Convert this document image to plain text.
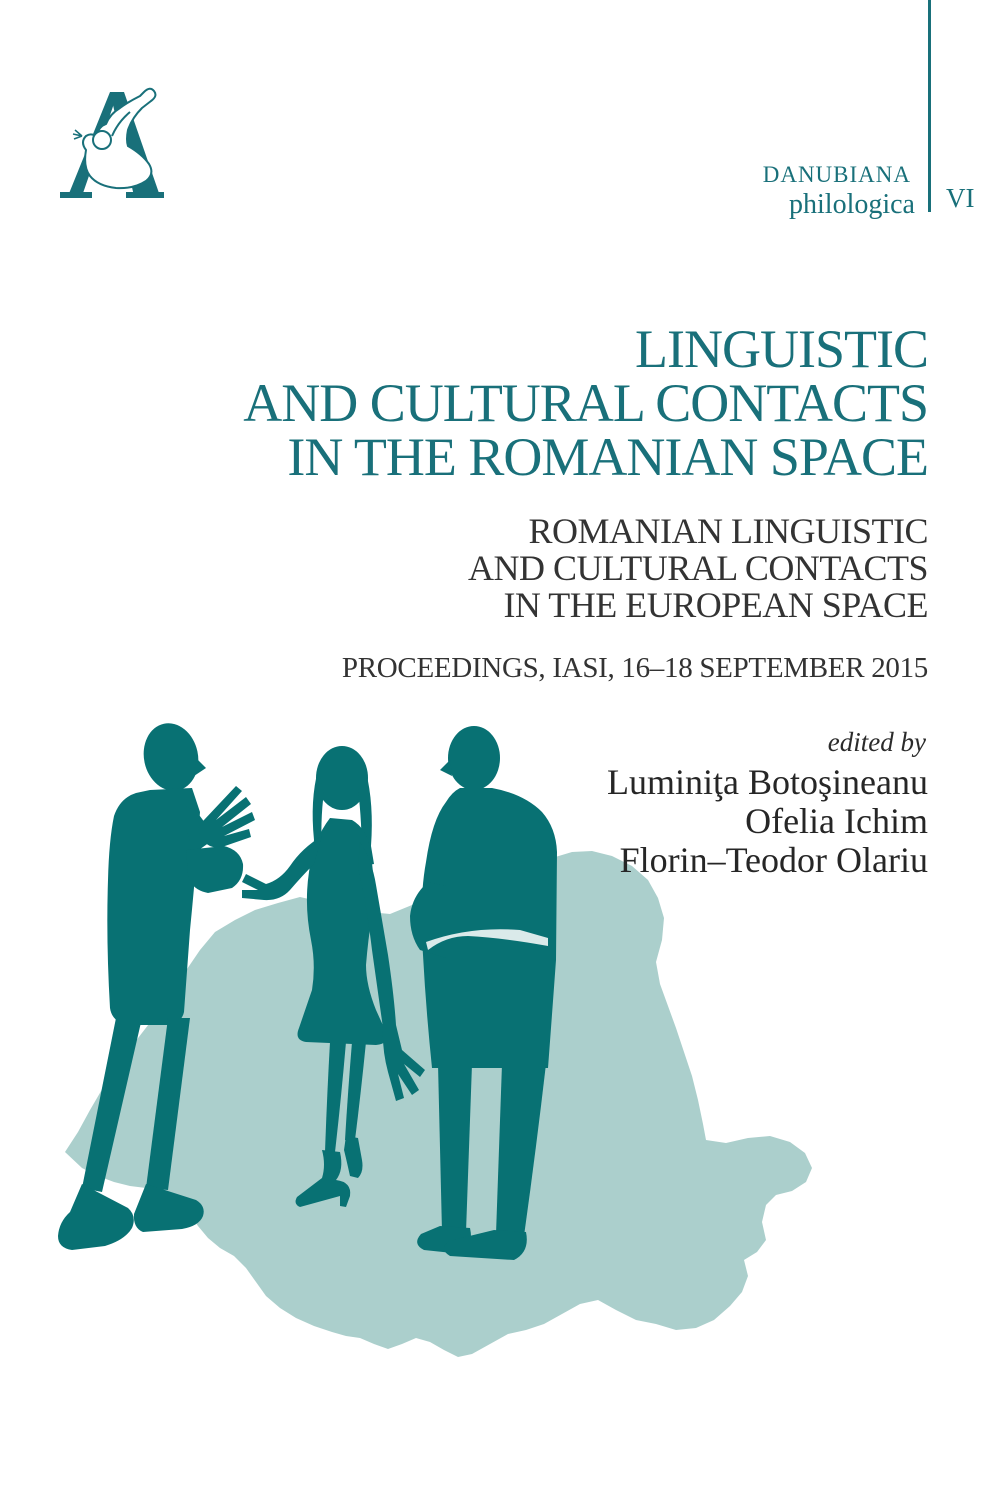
DANUBIANA
philologica VI
LINGUISTIC
AND CULTURAL CONTACTS
IN THE ROMANIAN SPACE
ROMANIAN LINGUISTIC
AND CULTURAL CONTACTS
IN THE EUROPEAN SPACE
PROCEEDINGS, IASI, 16–18 SEPTEMBER 2015
edited by
Luminiţa Botoşineanu
Ofelia Ichim
Florin–Teodor Olariu
